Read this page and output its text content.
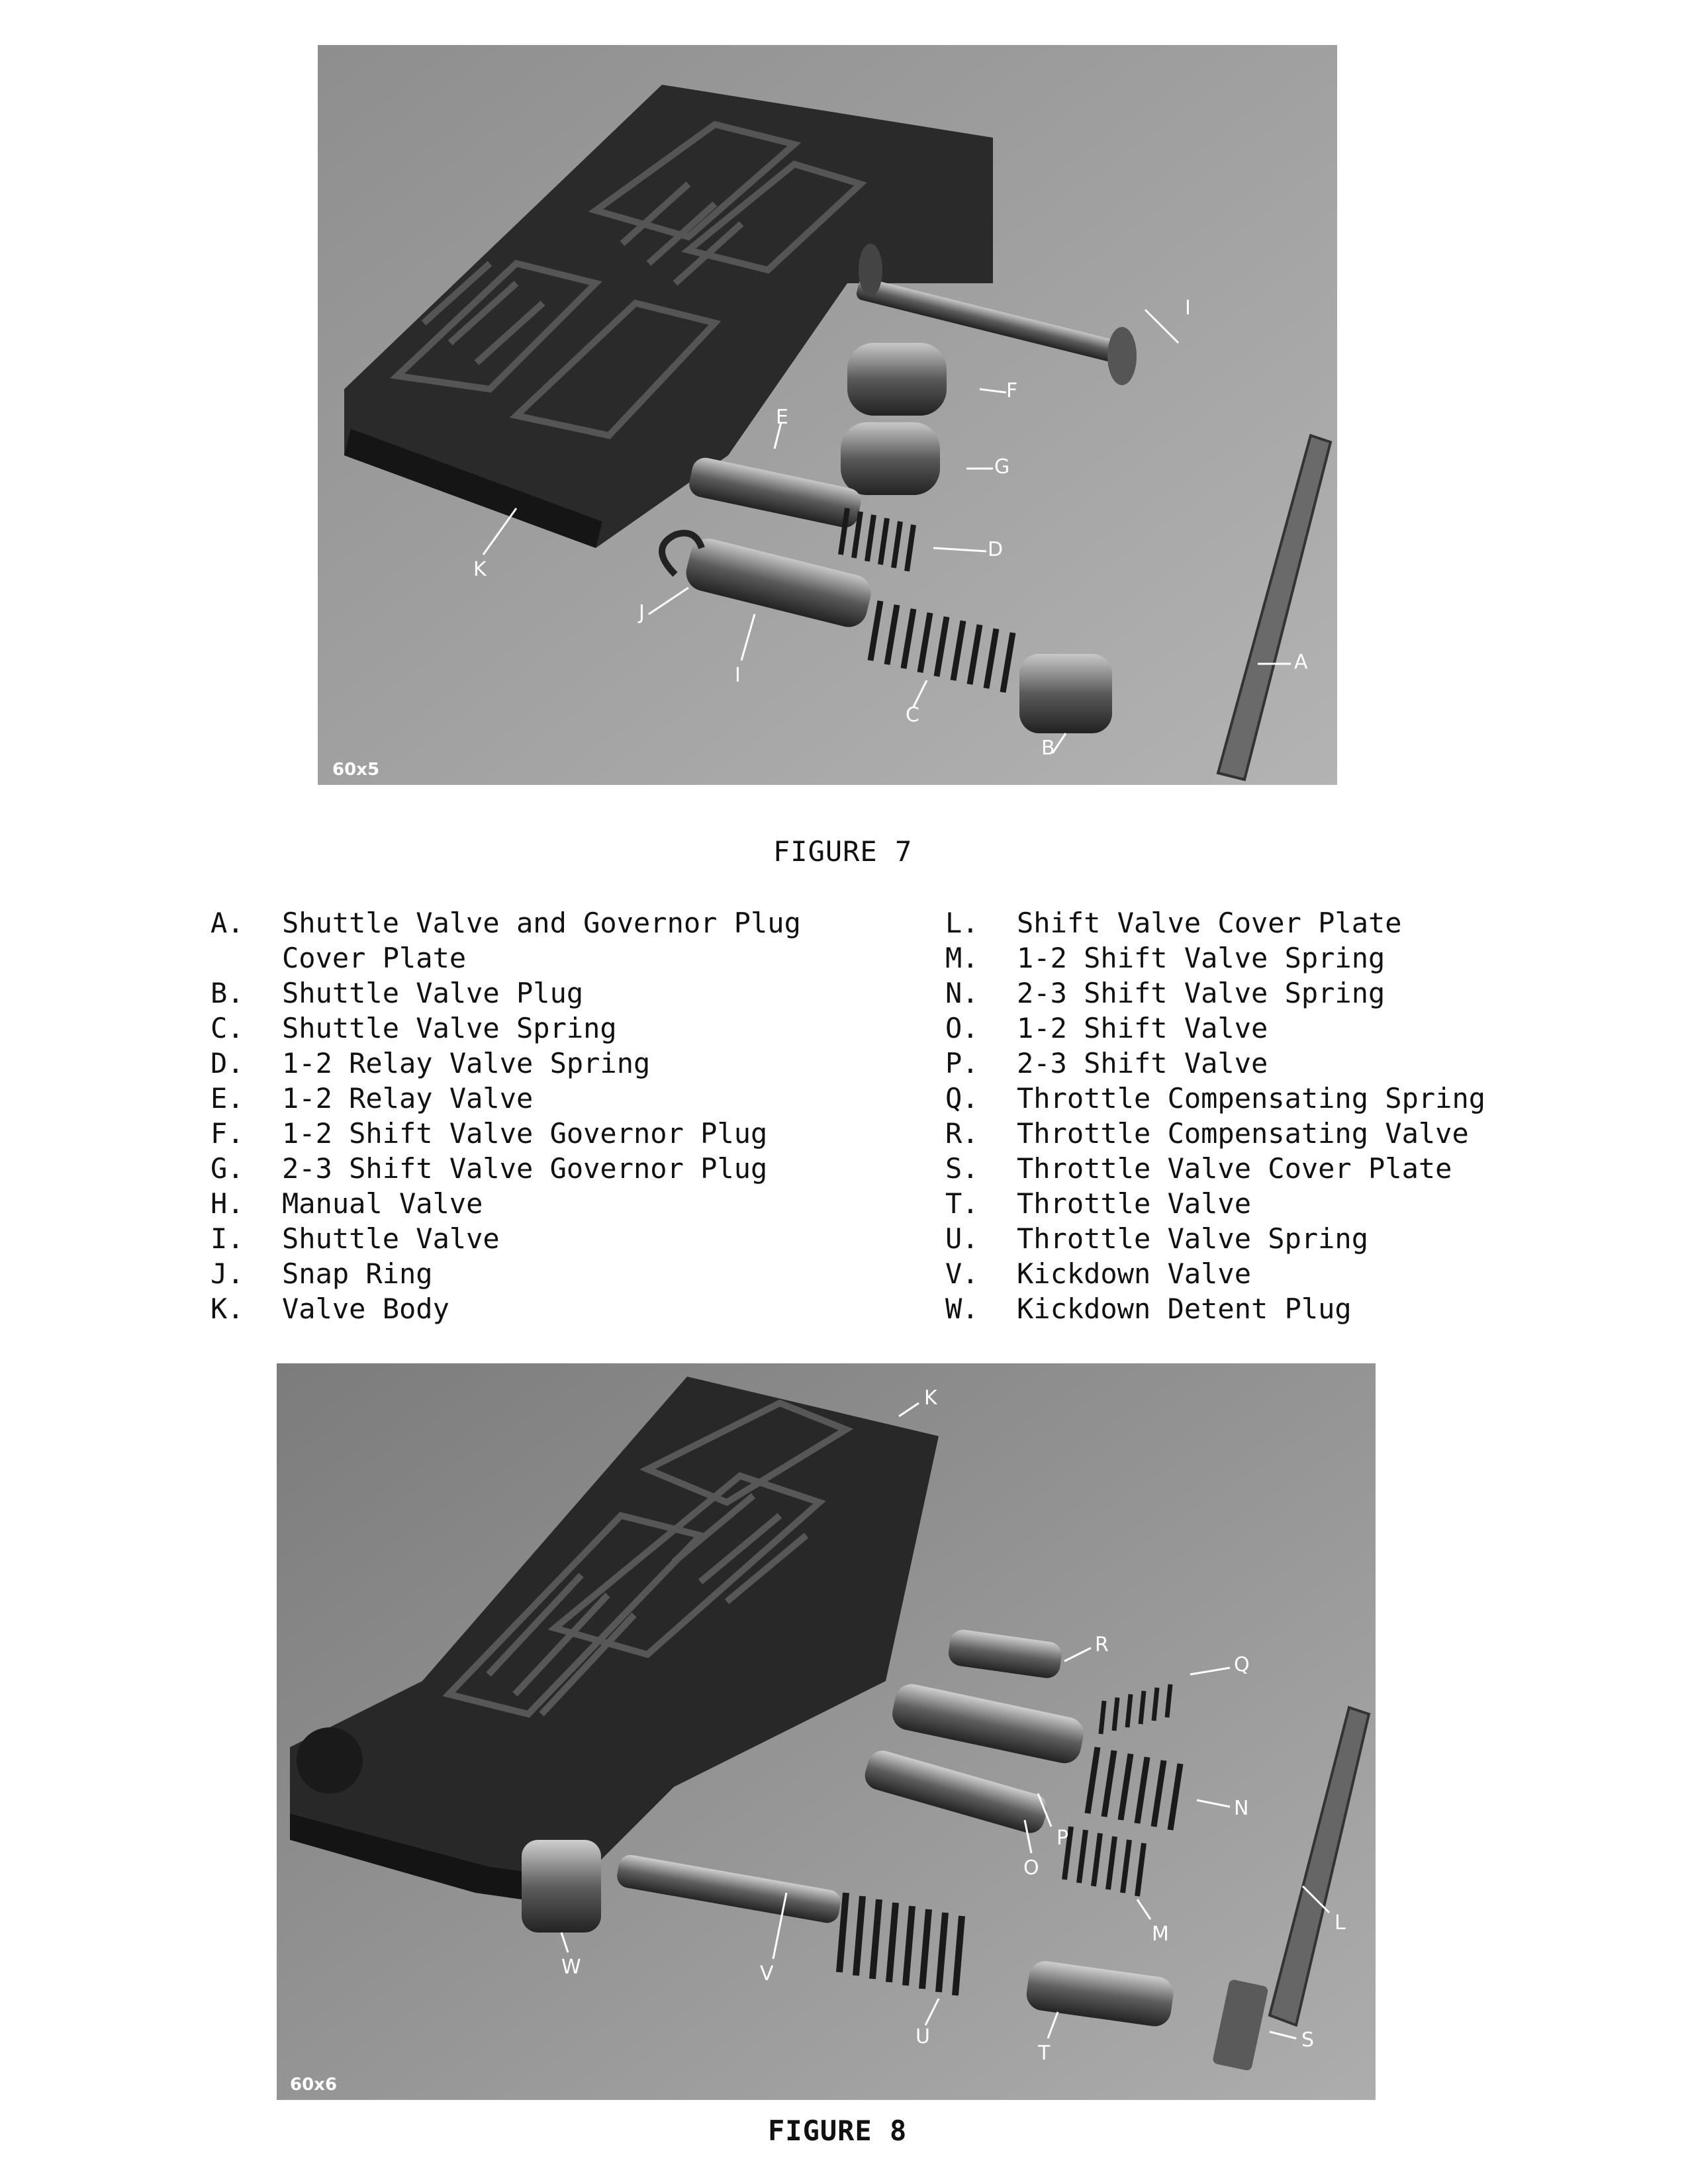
I
F
G
D
E
I
C
B
J
K
A
60x5
FIGURE 7
A.	Shuttle Valve and Governor Plug
Cover Plate
B.	Shuttle Valve Plug
C.	Shuttle Valve Spring
D.	1-2 Relay Valve Spring
E.	1-2 Relay Valve
F.	1-2 Shift Valve Governor Plug
G.	2-3 Shift Valve Governor Plug
H.	Manual Valve
I.	Shuttle Valve
J.	Snap Ring
K.	Valve Body
L.	Shift Valve Cover Plate
M.	1-2 Shift Valve Spring
N.	2-3 Shift Valve Spring
O.	1-2 Shift Valve
P.	2-3 Shift Valve
Q.	Throttle Compensating Spring
R.	Throttle Compensating Valve
S.	Throttle Valve Cover Plate
T.	Throttle Valve
U.	Throttle Valve Spring
V.	Kickdown Valve
W.	Kickdown Detent Plug
K
R
Q
N
P
O
M	L
W	V
U
T
S
60x6
FIGURE 8
